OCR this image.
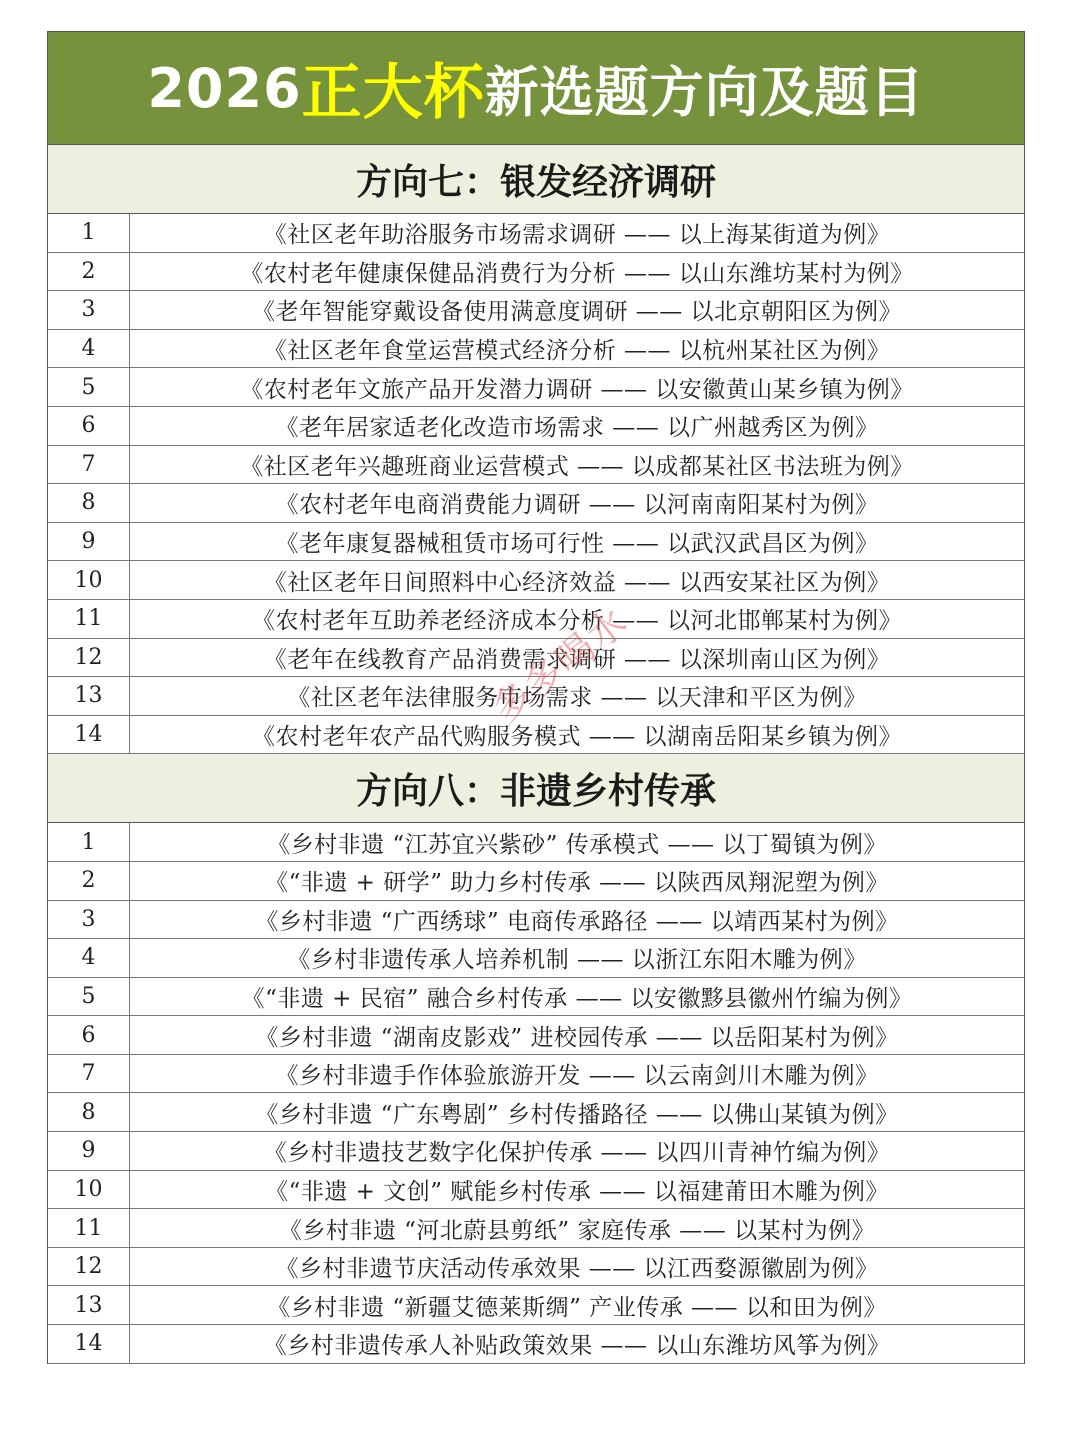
2026 正大杯 新选题方向及题目
方向七：银发经济调研
1	《社区老年助浴服务市场需求调研 —— 以上海某街道为例》
2	《农村老年健康保健品消费行为分析 —— 以山东潍坊某村为例》
3	《老年智能穿戴设备使用满意度调研 —— 以北京朝阳区为例》
4	《社区老年食堂运营模式经济分析 —— 以杭州某社区为例》
5	《农村老年文旅产品开发潜力调研 —— 以安徽黄山某乡镇为例》
6	《老年居家适老化改造市场需求 —— 以广州越秀区为例》
7	《社区老年兴趣班商业运营模式 —— 以成都某社区书法班为例》
8	《农村老年电商消费能力调研 —— 以河南南阳某村为例》
9	《老年康复器械租赁市场可行性 —— 以武汉武昌区为例》
10	《社区老年日间照料中心经济效益 —— 以西安某社区为例》
11	《农村老年互助养老经济成本分析 —— 以河北邯郸某村为例》
12	《老年在线教育产品消费需求调研 —— 以深圳南山区为例》
13	《社区老年法律服务市场需求 —— 以天津和平区为例》
14	《农村老年农产品代购服务模式 —— 以湖南岳阳某乡镇为例》
方向八：非遗乡村传承
1	《乡村非遗 “江苏宜兴紫砂” 传承模式 —— 以丁蜀镇为例》
2	《“非遗 + 研学” 助力乡村传承 —— 以陕西凤翔泥塑为例》
3	《乡村非遗 “广西绣球” 电商传承路径 —— 以靖西某村为例》
4	《乡村非遗传承人培养机制 —— 以浙江东阳木雕为例》
5	《“非遗 + 民宿” 融合乡村传承 —— 以安徽黟县徽州竹编为例》
6	《乡村非遗 “湖南皮影戏” 进校园传承 —— 以岳阳某村为例》
7	《乡村非遗手作体验旅游开发 —— 以云南剑川木雕为例》
8	《乡村非遗 “广东粤剧” 乡村传播路径 —— 以佛山某镇为例》
9	《乡村非遗技艺数字化保护传承 —— 以四川青神竹编为例》
10	《“非遗 + 文创” 赋能乡村传承 —— 以福建莆田木雕为例》
11	《乡村非遗 “河北蔚县剪纸” 家庭传承 —— 以某村为例》
12	《乡村非遗节庆活动传承效果 —— 以江西婺源徽剧为例》
13	《乡村非遗 “新疆艾德莱斯绸” 产业传承 —— 以和田为例》
14	《乡村非遗传承人补贴政策效果 —— 以山东潍坊风筝为例》
多多喝水
